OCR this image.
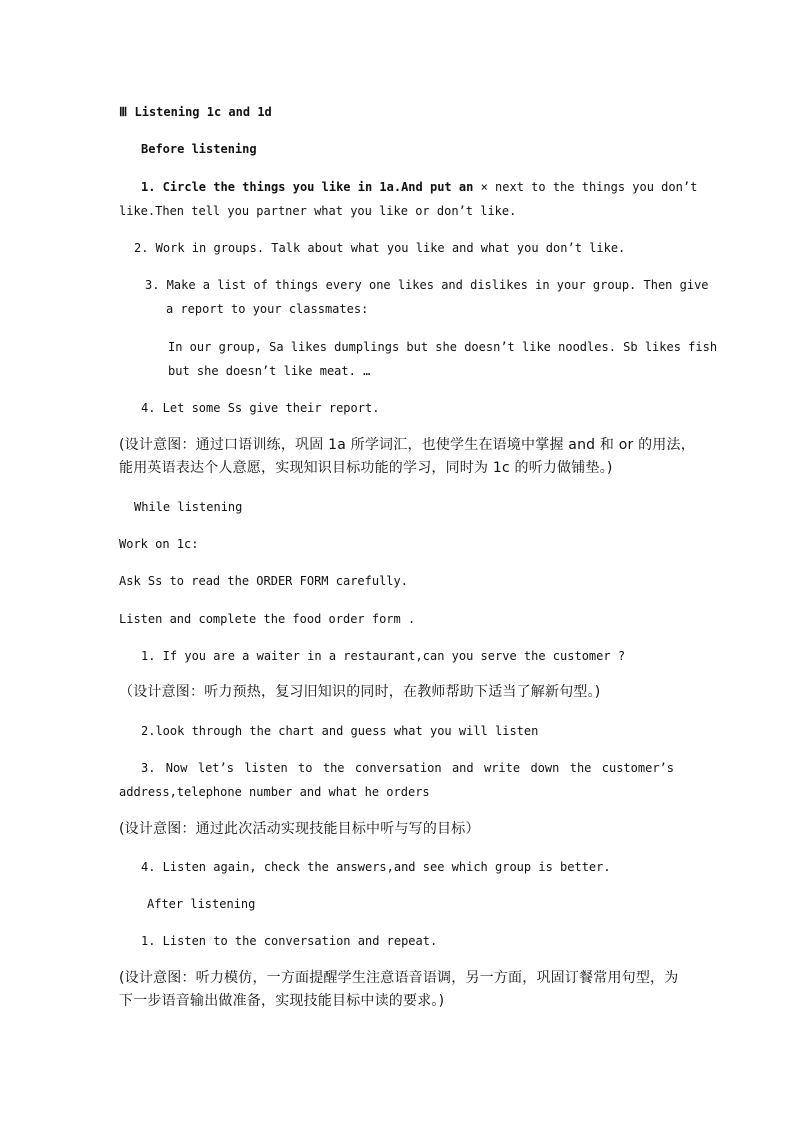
Ⅲ Listening 1c and 1d
Before listening
1. Circle the things you like in 1a.And put an × next to the things you don’t
like.Then tell you partner what you like or don’t like.
2. Work in groups. Talk about what you like and what you don’t like.
3. Make a list of things every one likes and dislikes in your group. Then give
a report to your classmates:
In our group, Sa likes dumplings but she doesn’t like noodles. Sb likes fish
but she doesn’t like meat. …
4. Let some Ss give their report.
(设计意图：通过口语训练，巩固 1a 所学词汇，也使学生在语境中掌握 and 和 or 的用法，
能用英语表达个人意愿，实现知识目标功能的学习，同时为 1c 的听力做铺垫。)
While listening
Work on 1c:
Ask Ss to read the ORDER FORM carefully.
Listen and complete the food order form .
1. If you are a waiter in a restaurant,can you serve the customer ?
（设计意图：听力预热，复习旧知识的同时，在教师帮助下适当了解新句型。)
2.look through the chart and guess what you will listen
3. Now let’s listen to the conversation and write down the customer’s
address,telephone number and what he orders
(设计意图：通过此次活动实现技能目标中听与写的目标）
4. Listen again, check the answers,and see which group is better.
After listening
1. Listen to the conversation and repeat.
(设计意图：听力模仿，一方面提醒学生注意语音语调，另一方面，巩固订餐常用句型，为
下一步语音输出做准备，实现技能目标中读的要求。)
